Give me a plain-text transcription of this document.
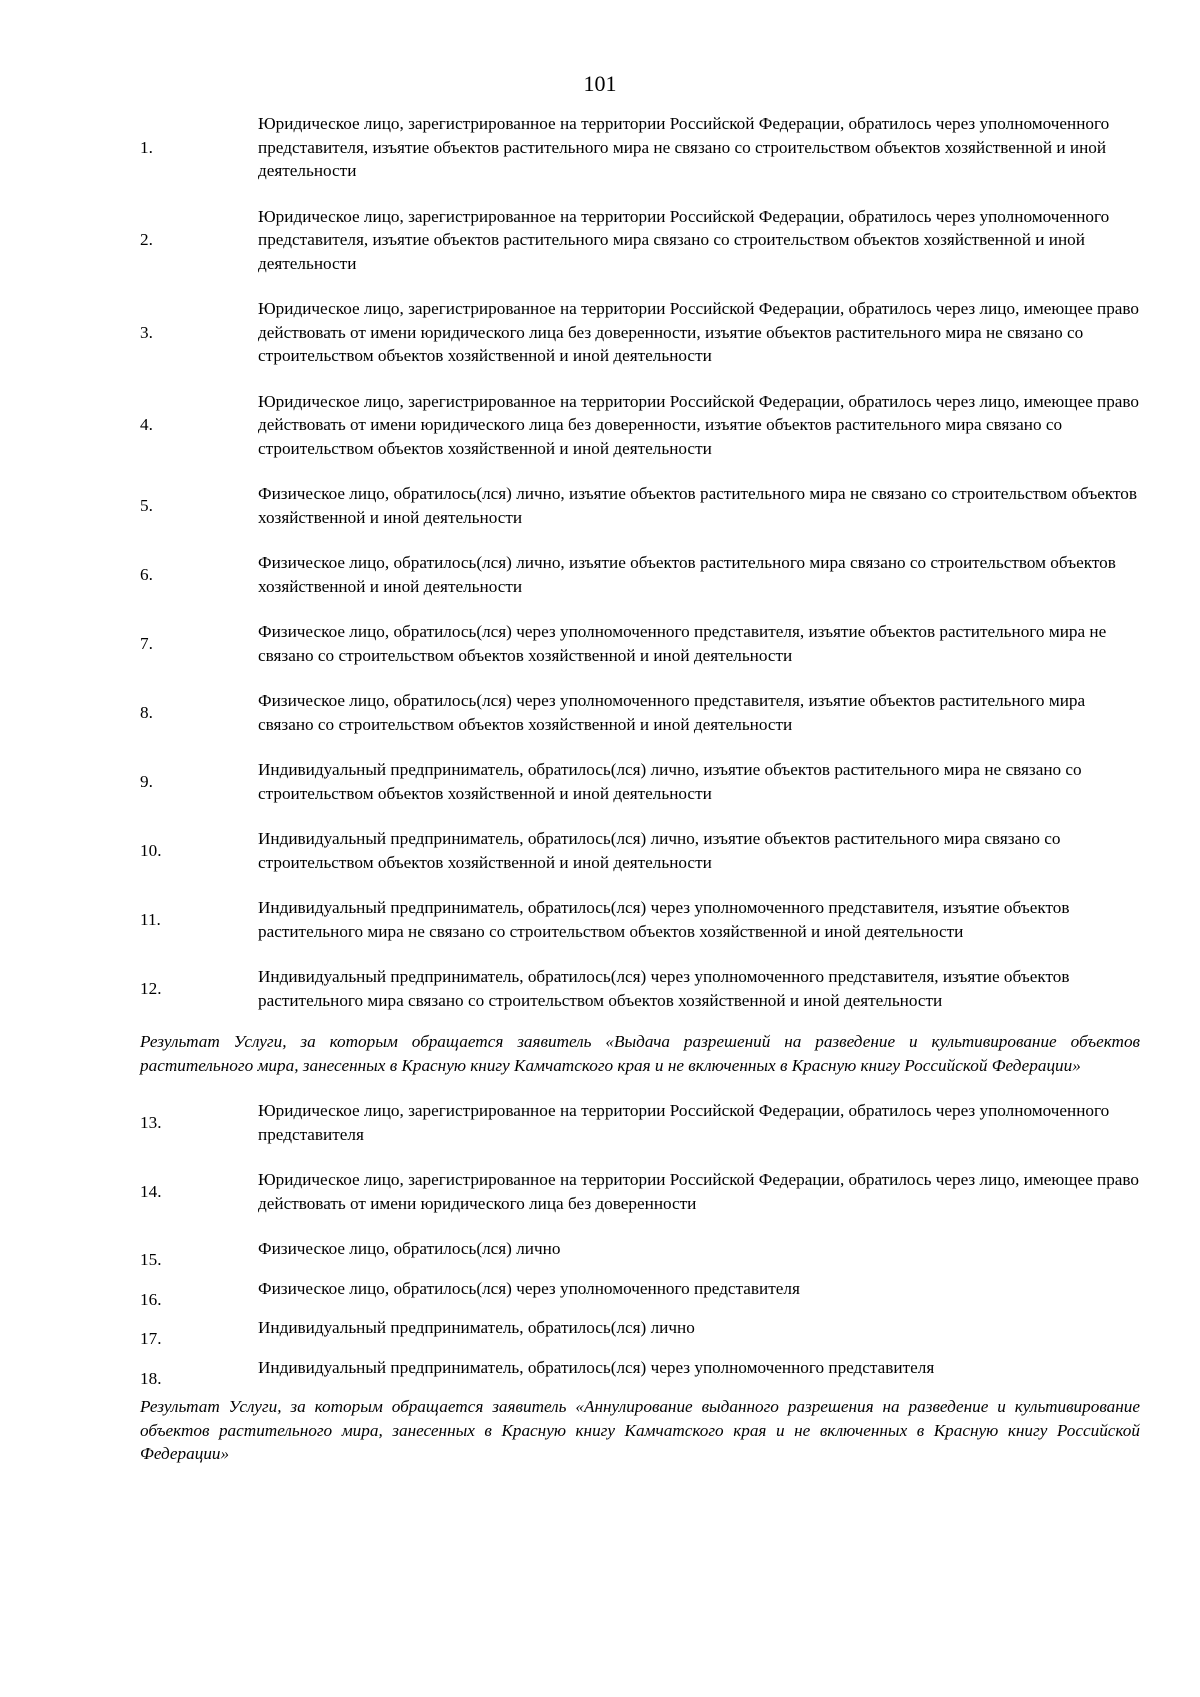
101
1.
Юридическое лицо, зарегистрированное на территории Российской Федерации, обратилось через уполномоченного представителя, изъятие объектов растительного мира не связано со строительством объектов хозяйственной и иной деятельности
2.
Юридическое лицо, зарегистрированное на территории Российской Федерации, обратилось через уполномоченного представителя, изъятие объектов растительного мира связано со строительством объектов хозяйственной и иной деятельности
3.
Юридическое лицо, зарегистрированное на территории Российской Федерации, обратилось через лицо, имеющее право действовать от имени юридического лица без доверенности, изъятие объектов растительного мира не связано со строительством объектов хозяйственной и иной деятельности
4.
Юридическое лицо, зарегистрированное на территории Российской Федерации, обратилось через лицо, имеющее право действовать от имени юридического лица без доверенности, изъятие объектов растительного мира связано со строительством объектов хозяйственной и иной деятельности
5.
Физическое лицо, обратилось(лся) лично, изъятие объектов растительного мира не связано со строительством объектов хозяйственной и иной деятельности
6.
Физическое лицо, обратилось(лся) лично, изъятие объектов растительного мира связано со строительством объектов хозяйственной и иной деятельности
7.
Физическое лицо, обратилось(лся) через уполномоченного представителя, изъятие объектов растительного мира не связано со строительством объектов хозяйственной и иной деятельности
8.
Физическое лицо, обратилось(лся) через уполномоченного представителя, изъятие объектов растительного мира связано со строительством объектов хозяйственной и иной деятельности
9.
Индивидуальный предприниматель, обратилось(лся) лично, изъятие объектов растительного мира не связано со строительством объектов хозяйственной и иной деятельности
10.
Индивидуальный предприниматель, обратилось(лся) лично, изъятие объектов растительного мира связано со строительством объектов хозяйственной и иной деятельности
11.
Индивидуальный предприниматель, обратилось(лся) через уполномоченного представителя, изъятие объектов растительного мира не связано со строительством объектов хозяйственной и иной деятельности
12.
Индивидуальный предприниматель, обратилось(лся) через уполномоченного представителя, изъятие объектов растительного мира связано со строительством объектов хозяйственной и иной деятельности
Результат Услуги, за которым обращается заявитель «Выдача разрешений на разведение и культивирование объектов растительного мира, занесенных в Красную книгу Камчатского края и не включенных в Красную книгу Российской Федерации»
13.
Юридическое лицо, зарегистрированное на территории Российской Федерации, обратилось через уполномоченного представителя
14.
Юридическое лицо, зарегистрированное на территории Российской Федерации, обратилось через лицо, имеющее право действовать от имени юридического лица без доверенности
15.
Физическое лицо, обратилось(лся) лично
16.
Физическое лицо, обратилось(лся) через уполномоченного представителя
17.
Индивидуальный предприниматель, обратилось(лся) лично
18.
Индивидуальный предприниматель, обратилось(лся) через уполномоченного представителя
Результат Услуги, за которым обращается заявитель «Аннулирование выданного разрешения на разведение и культивирование объектов растительного мира, занесенных в Красную книгу Камчатского края и не включенных в Красную книгу Российской Федерации»
